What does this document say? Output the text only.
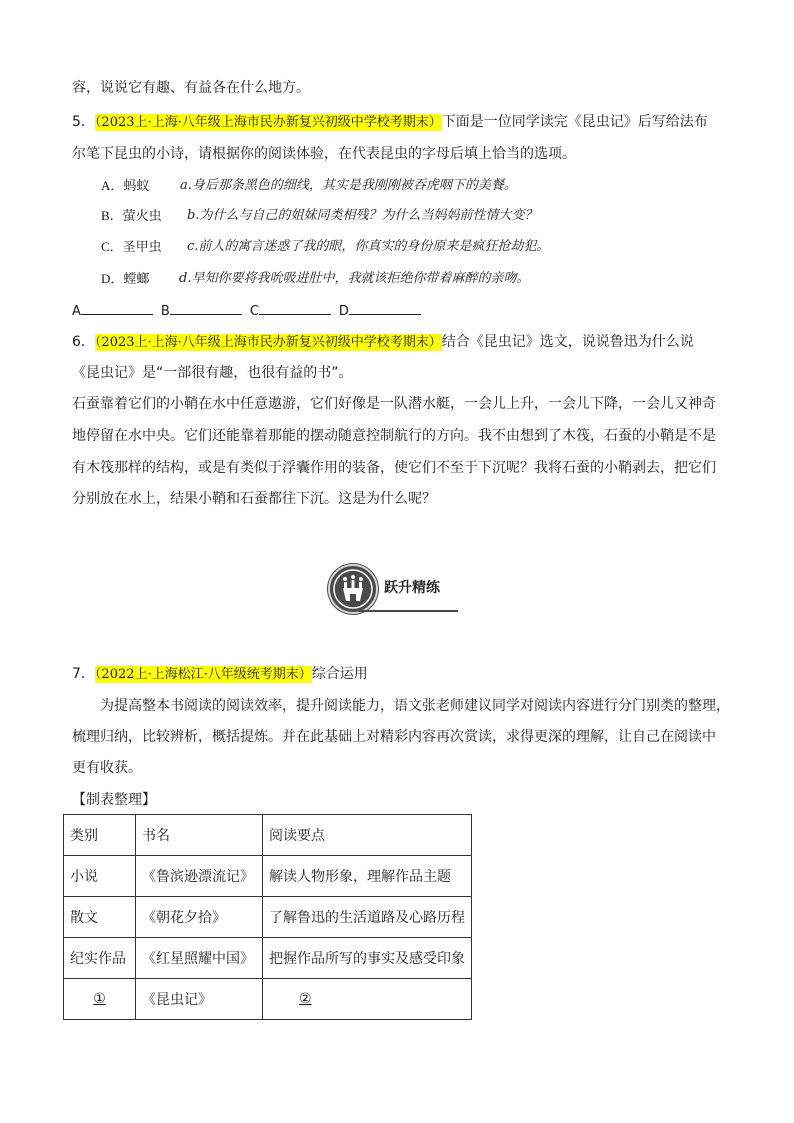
容，说说它有趣、有益各在什么地方。
5．（2023上·上海·八年级上海市民办新复兴初级中学校考期末）下面是一位同学读完《昆虫记》后写给法布
尔笔下昆虫的小诗，请根据你的阅读体验，在代表昆虫的字母后填上恰当的选项。
A．蚂蚁 a.身后那条黑色的细线，其实是我刚刚被吞虎咽下的美餐。
B．萤火虫 b.为什么与自己的姐妹同类相残？为什么当妈妈前性情大变？
C．圣甲虫 c.前人的寓言迷惑了我的眼，你真实的身份原来是疯狂抢劫犯。
D．螳螂 d.早知你要将我吮吸进肚中，我就该拒绝你带着麻醉的亲吻。
A	B	C	D
6．（2023上·上海·八年级上海市民办新复兴初级中学校考期末）结合《昆虫记》选文，说说鲁迅为什么说
《昆虫记》是“一部很有趣，也很有益的书”。
石蚕靠着它们的小鞘在水中任意遨游，它们好像是一队潜水艇，一会儿上升，一会儿下降，一会儿又神奇
地停留在水中央。它们还能靠着那能的摆动随意控制航行的方向。我不由想到了木筏，石蚕的小鞘是不是
有木筏那样的结构，或是有类似于浮囊作用的装备，使它们不至于下沉呢？我将石蚕的小鞘剥去，把它们
分别放在水上，结果小鞘和石蚕都往下沉。这是为什么呢？
跃升精练
7．（2022上·上海松江·八年级统考期末）综合运用
为提高整本书阅读的阅读效率，提升阅读能力，语文张老师建议同学对阅读内容进行分门别类的整理，
梳理归纳，比较辨析，概括提炼。并在此基础上对精彩内容再次赏读，求得更深的理解，让自己在阅读中
更有收获。
【制表整理】
类别	书名	阅读要点
小说	《鲁滨逊漂流记》	解读人物形象，理解作品主题
散文	《朝花夕拾》	了解鲁迅的生活道路及心路历程
纪实作品	《红星照耀中国》	把握作品所写的事实及感受印象
①	《昆虫记》	②
